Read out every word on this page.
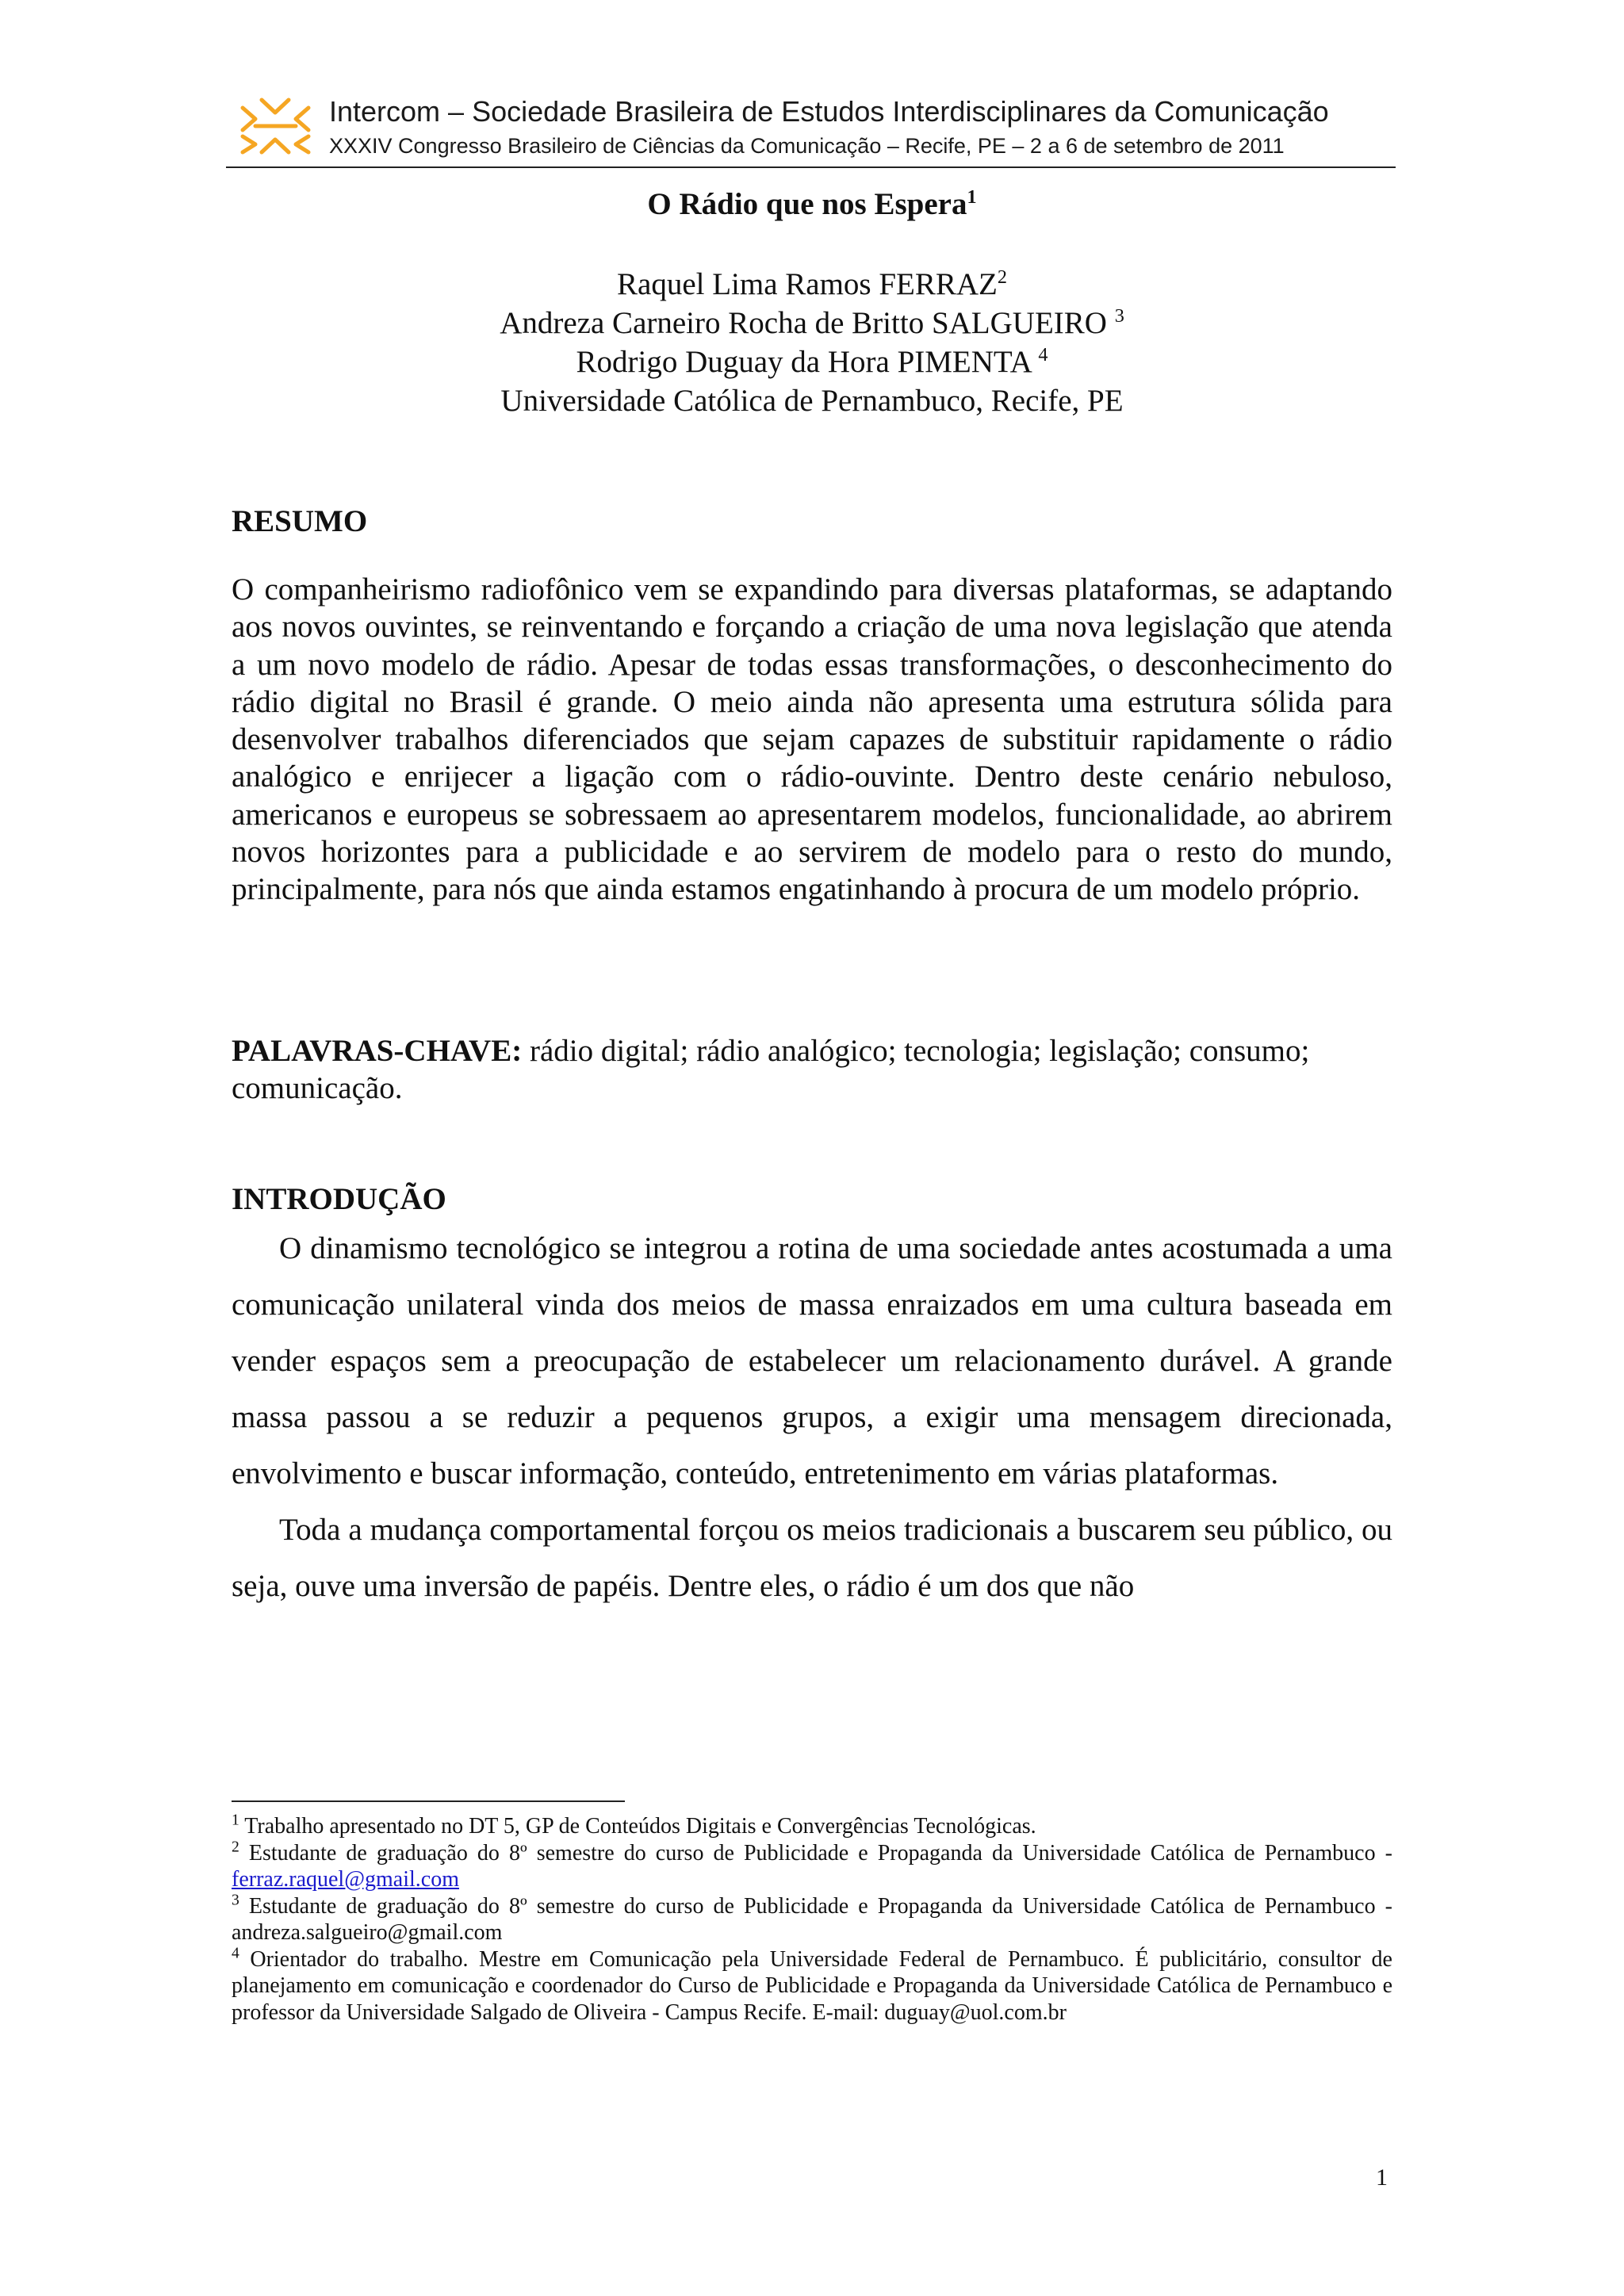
Intercom – Sociedade Brasileira de Estudos Interdisciplinares da Comunicação
XXXIV Congresso Brasileiro de Ciências da Comunicação – Recife, PE – 2 a 6 de setembro de 2011
O Rádio que nos Espera$^1$
Raquel Lima Ramos FERRAZ$^2$
Andreza Carneiro Rocha de Britto SALGUEIRO $^3$
Rodrigo Duguay da Hora PIMENTA $^4$
Universidade Católica de Pernambuco, Recife, PE
RESUMO

O companheirismo radiofônico vem se expandindo para diversas plataformas, se adaptando aos novos ouvintes, se reinventando e forçando a criação de uma nova legislação que atenda a um novo modelo de rádio. Apesar de todas essas transformações, o desconhecimento do rádio digital no Brasil é grande. O meio ainda não apresenta uma estrutura sólida para desenvolver trabalhos diferenciados que sejam capazes de substituir rapidamente o rádio analógico e enrijecer a ligação com o rádio-ouvinte. Dentro deste cenário nebuloso, americanos e europeus se sobressaem ao apresentarem modelos, funcionalidade, ao abrirem novos horizontes para a publicidade e ao servirem de modelo para o resto do mundo, principalmente, para nós que ainda estamos engatinhando à procura de um modelo próprio.

PALAVRAS-CHAVE: rádio digital; rádio analógico; tecnologia; legislação; consumo; comunicação.

INTRODUÇÃO

O dinamismo tecnológico se integrou a rotina de uma sociedade antes acostumada a uma comunicação unilateral vinda dos meios de massa enraizados em uma cultura baseada em vender espaços sem a preocupação de estabelecer um relacionamento durável. A grande massa passou a se reduzir a pequenos grupos, a exigir uma mensagem direcionada, envolvimento e buscar informação, conteúdo, entretenimento em várias plataformas.

Toda a mudança comportamental forçou os meios tradicionais a buscarem seu público, ou seja, ouve uma inversão de papéis. Dentre eles, o rádio é um dos que não

$^1$ Trabalho apresentado no DT 5, GP de Conteúdos Digitais e Convergências Tecnológicas.

$^2$ Estudante de graduação do 8º semestre do curso de Publicidade e Propaganda da Universidade Católica de Pernambuco - ferraz.raquel@gmail.com

$^3$ Estudante de graduação do 8º semestre do curso de Publicidade e Propaganda da Universidade Católica de Pernambuco - andreza.salgueiro@gmail.com

$^4$ Orientador do trabalho. Mestre em Comunicação pela Universidade Federal de Pernambuco. É publicitário, consultor de planejamento em comunicação e coordenador do Curso de Publicidade e Propaganda da Universidade Católica de Pernambuco e professor da Universidade Salgado de Oliveira - Campus Recife. E-mail: duguay@uol.com.br

1
